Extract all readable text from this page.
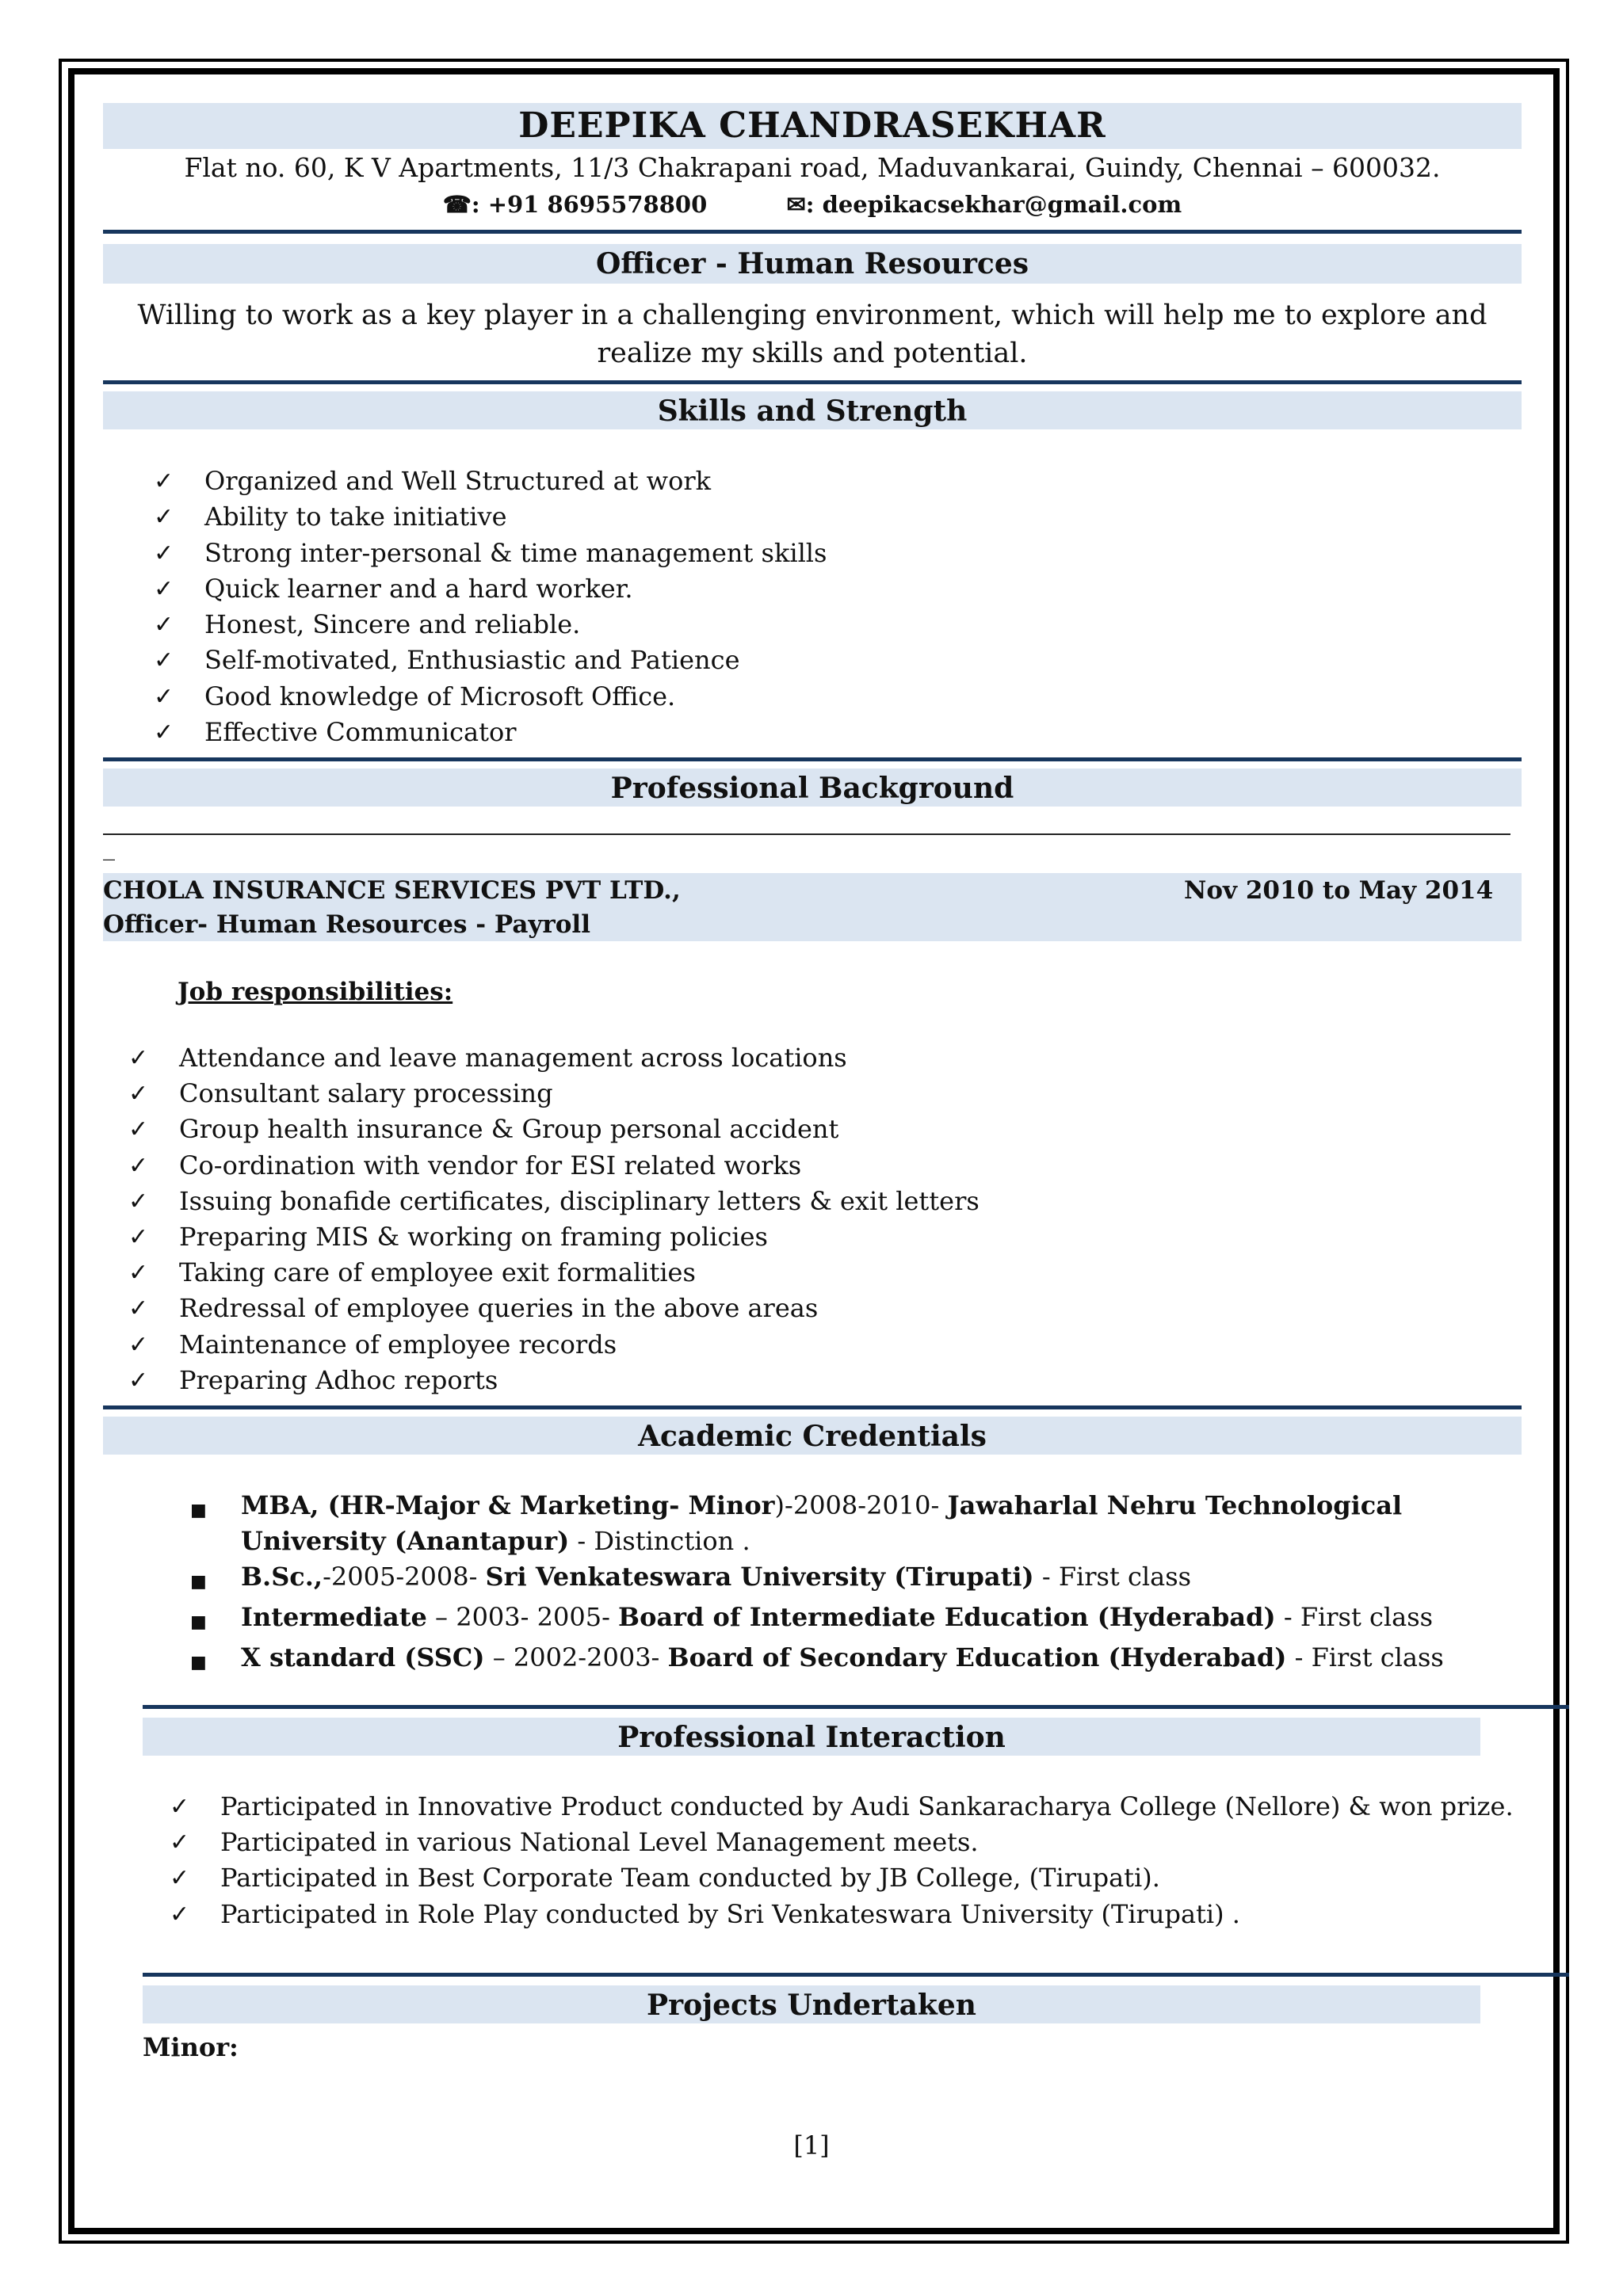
DEEPIKA CHANDRASEKHAR
Flat no. 60, K V Apartments, 11/3 Chakrapani road, Maduvankarai, Guindy, Chennai – 600032.
☎: +91 8695578800	✉: deepikacsekhar@gmail.com
Officer - Human Resources
Willing to work as a key player in a challenging environment, which will help me to explore and realize my skills and potential.
Skills and Strength
✓	Organized and Well Structured at work
✓	Ability to take initiative
✓	Strong inter-personal & time management skills
✓	Quick learner and a hard worker.
✓	Honest, Sincere and reliable.
✓	Self-motivated, Enthusiastic and Patience
✓	Good knowledge of Microsoft Office.
✓	Effective Communicator
Professional Background
_
CHOLA INSURANCE SERVICES PVT LTD.,	Nov 2010 to May 2014
Officer- Human Resources - Payroll
Job responsibilities:
✓	Attendance and leave management across locations
✓	Consultant salary processing
✓	Group health insurance & Group personal accident
✓	Co-ordination with vendor for ESI related works
✓	Issuing bonafide certificates, disciplinary letters & exit letters
✓	Preparing MIS & working on framing policies
✓	Taking care of employee exit formalities
✓	Redressal of employee queries in the above areas
✓	Maintenance of employee records
✓	Preparing Adhoc reports
Academic Credentials
■	MBA, (HR-Major & Marketing- Minor)-2008-2010- Jawaharlal Nehru Technological University (Anantapur) - Distinction .
■	B.Sc.,-2005-2008- Sri Venkateswara University (Tirupati) - First class
■	Intermediate – 2003- 2005- Board of Intermediate Education (Hyderabad) - First class
■	X standard (SSC) – 2002-2003- Board of Secondary Education (Hyderabad) - First class
Professional Interaction
✓	Participated in Innovative Product conducted by Audi Sankaracharya College (Nellore) & won prize.
✓	Participated in various National Level Management meets.
✓	Participated in Best Corporate Team conducted by JB College, (Tirupati).
✓	Participated in Role Play conducted by Sri Venkateswara University (Tirupati) .
Projects Undertaken
Minor:
[1]
